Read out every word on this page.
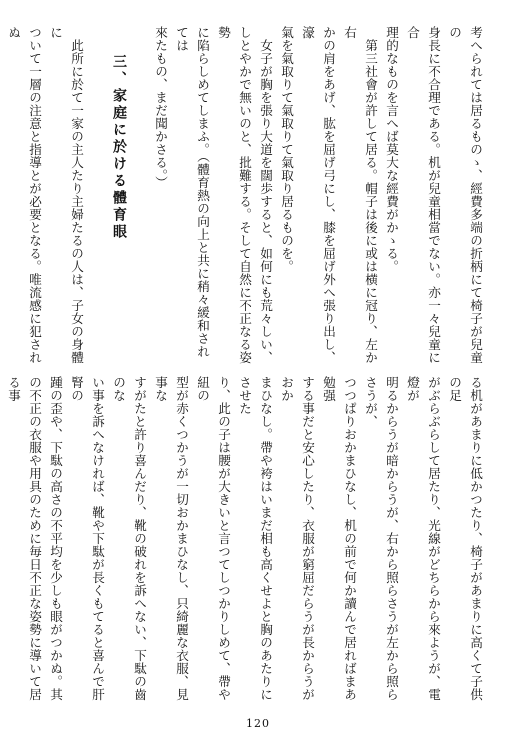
考へられては居るものゝ、經費多端の折柄にて椅子が兒童の
身長に不合理である。机が兒童相當でない。亦一々兒童に合
理的なものを言へば莫大な經費がかゝる。
　第三社會が許して居る。帽子は後に或は横に冠り、左か右
かの肩をあげ、肱を屈げ弓にし、膝を屈げ外へ張り出し、濠
氣を氣取りて氣取りて氣取り居るものを。
　女子が胸を張り大道を闊歩すると、如何にも荒々しい、
しとやかで無いのと、批難する。そして自然に不正なる姿勢
に陷らしめてしまふ。（體育熱の向上と共に稍々緩和されては
來たもの、まだ聞かさる。）

三、家庭に於ける體育眼

　此所に於て一家の主人たり主婦たるの人は、子女の身體に
ついて一層の注意と指導とが必要となる。唯流感に犯されぬ
る机があまりに低かつたり、椅子があまりに高くて子供の足
がぶらぶらして居たり、光線がどちらから來ようが、電燈が
明るからうが暗からうが、右から照らさうが左から照らさうが、
つつぱりおかまひなし、机の前で何か讀んで居ればまあ勉强
する事だと安心したり、衣服が窮屈だらうが長からうがおか
まひなし。帶や袴はいまだ相も高くせよと胸のあたりにさせた
り、此の子は腰が大きいと言つてしつかりしめて、帶や紐の
型が赤くつかうが一切おかまひなし、只綺麗な衣服、見事な
すがたと許り喜んだり、靴の破れを訴へない、下駄の齒のな
い事を訴へなければ、靴や下駄が長くもてると喜んで肝腎の
踵の歪や、下駄の高さの不平均を少しも眼がつかぬ。其
の不正の衣服や用具のために毎日不正な姿勢に導いて居る事
120
